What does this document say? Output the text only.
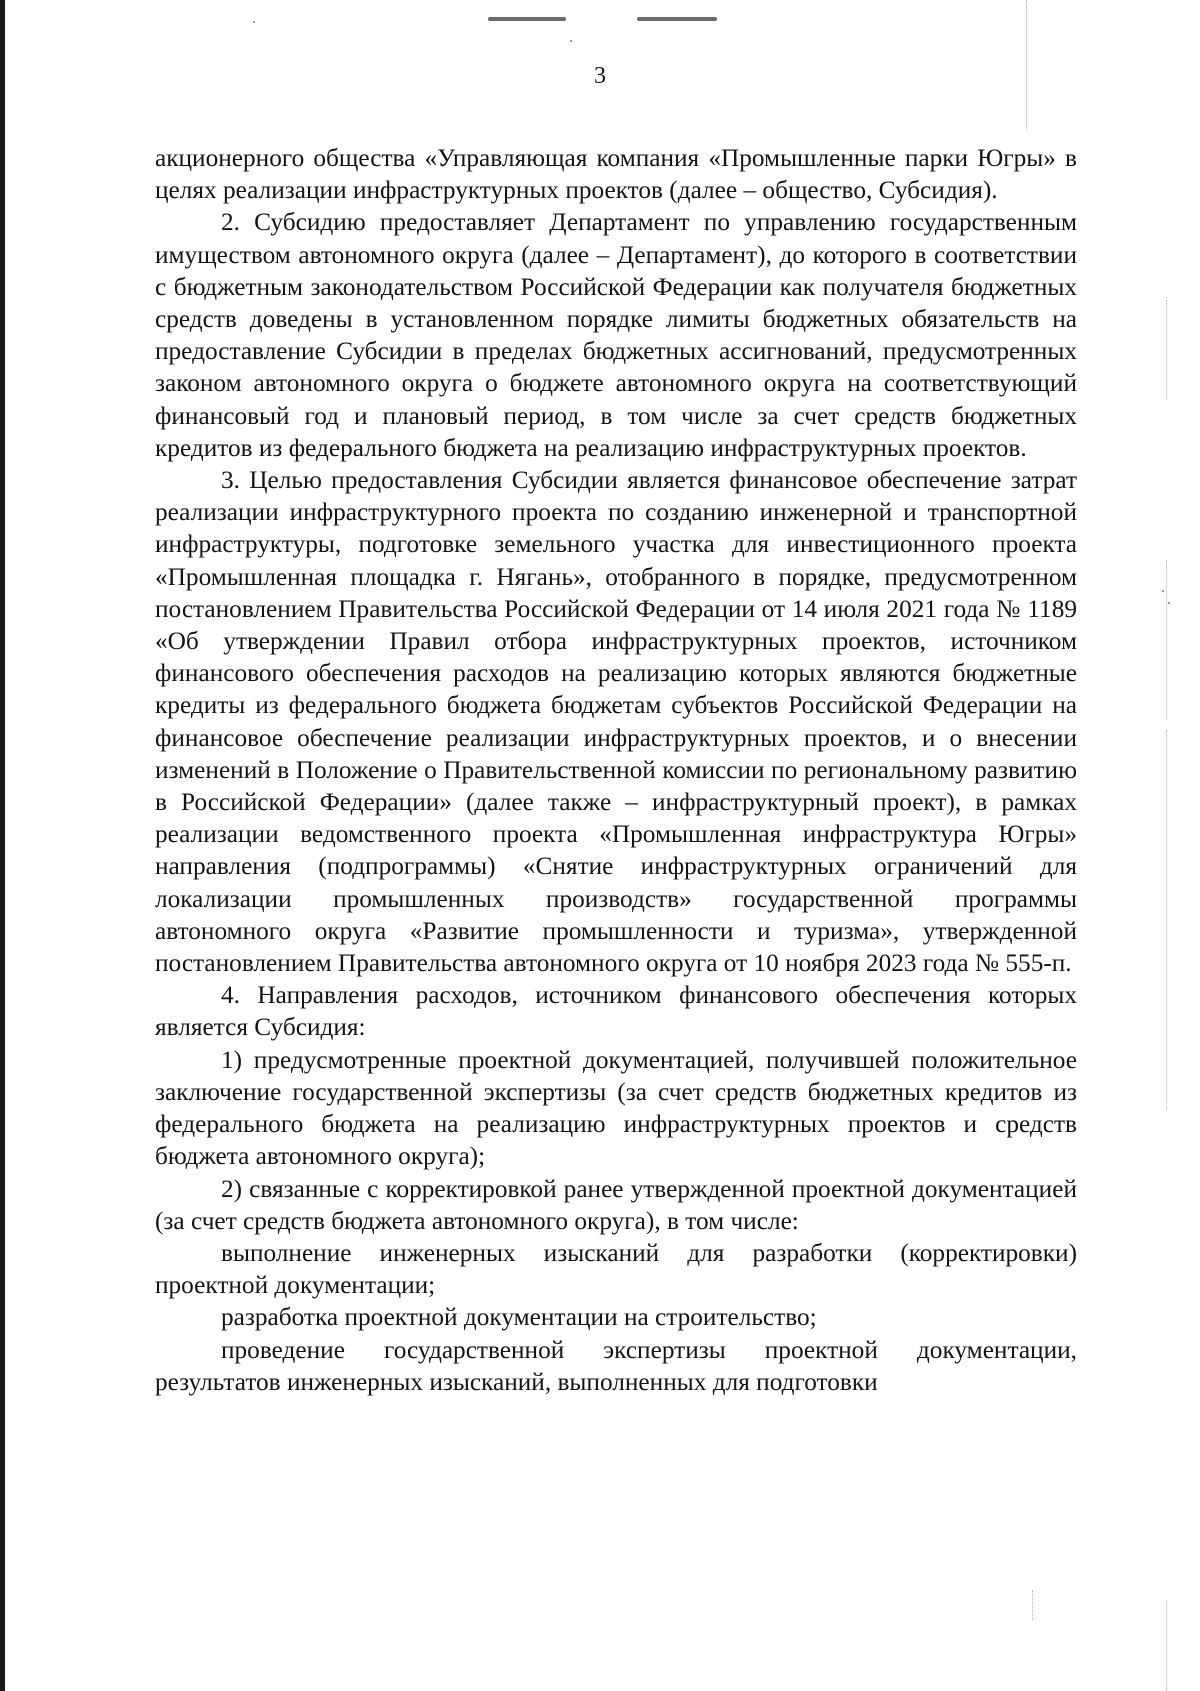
3

акционерного общества «Управляющая компания «Промышленные парки Югры» в целях реализации инфраструктурных проектов (далее – общество, Субсидия).

2. Субсидию предоставляет Департамент по управлению государственным имуществом автономного округа (далее – Департамент), до которого в соответствии с бюджетным законодательством Российской Федерации как получателя бюджетных средств доведены в установленном порядке лимиты бюджетных обязательств на предоставление Субсидии в пределах бюджетных ассигнований, предусмотренных законом автономного округа о бюджете автономного округа на соответствующий финансовый год и плановый период, в том числе за счет средств бюджетных кредитов из федерального бюджета на реализацию инфраструктурных проектов.

3. Целью предоставления Субсидии является финансовое обеспечение затрат реализации инфраструктурного проекта по созданию инженерной и транспортной инфраструктуры, подготовке земельного участка для инвестиционного проекта «Промышленная площадка г. Нягань», отобранного в порядке, предусмотренном постановлением Правительства Российской Федерации от 14 июля 2021 года № 1189 «Об утверждении Правил отбора инфраструктурных проектов, источником финансового обеспечения расходов на реализацию которых являются бюджетные кредиты из федерального бюджета бюджетам субъектов Российской Федерации на финансовое обеспечение реализации инфраструктурных проектов, и о внесении изменений в Положение о Правительственной комиссии по региональному развитию в Российской Федерации» (далее также – инфраструктурный проект), в рамках реализации ведомственного проекта «Промышленная инфраструктура Югры» направления (подпрограммы) «Снятие инфраструктурных ограничений для локализации промышленных производств» государственной программы автономного округа «Развитие промышленности и туризма», утвержденной постановлением Правительства автономного округа от 10 ноября 2023 года № 555-п.

4. Направления расходов, источником финансового обеспечения которых является Субсидия:

1) предусмотренные проектной документацией, получившей положительное заключение государственной экспертизы (за счет средств бюджетных кредитов из федерального бюджета на реализацию инфраструктурных проектов и средств бюджета автономного округа);

2) связанные с корректировкой ранее утвержденной проектной документацией (за счет средств бюджета автономного округа), в том числе:

выполнение инженерных изысканий для разработки (корректировки) проектной документации;

разработка проектной документации на строительство;

проведение государственной экспертизы проектной документации, результатов инженерных изысканий, выполненных для подготовки
